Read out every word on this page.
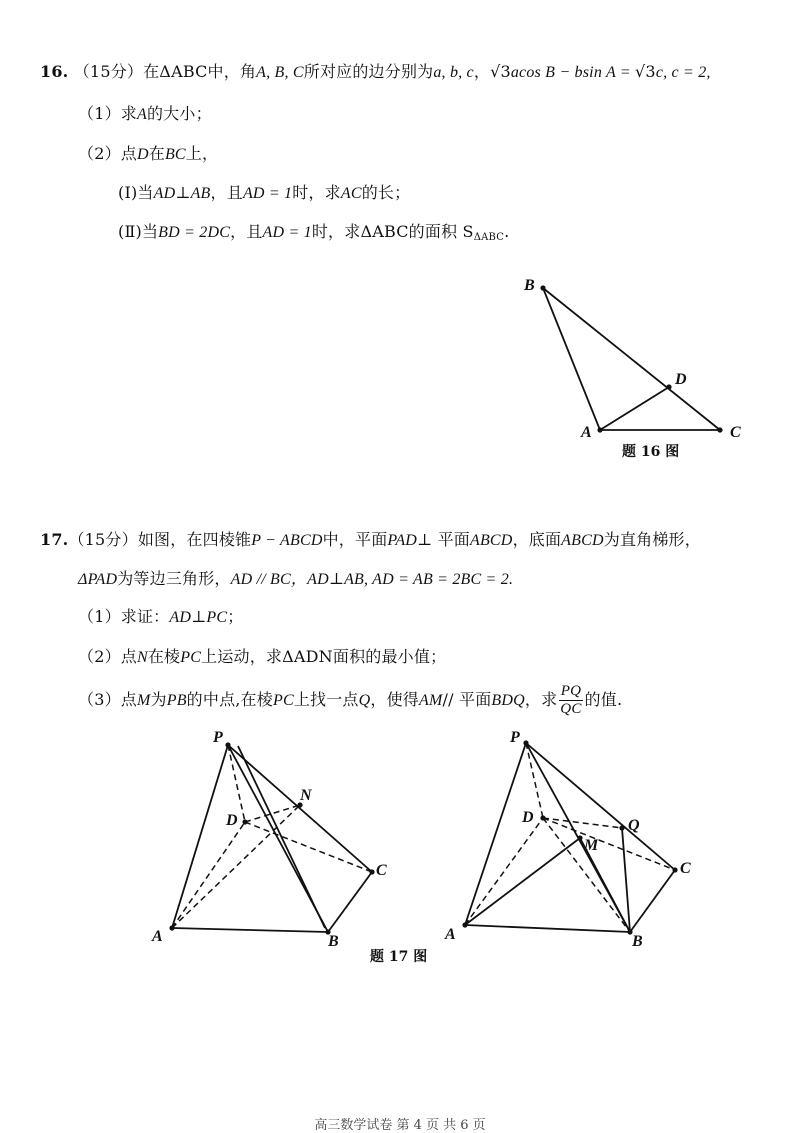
16. （15分）在ΔABC中，角A, B, C所对应的边分别为a, b, c，√3acos B − bsin A = √3c, c = 2,
（1）求A的大小；
（2）点D在BC上，
(Ⅰ)当AD⊥AB，且AD = 1时，求AC的长；
(Ⅱ)当BD = 2DC，且AD = 1时，求ΔABC的面积 $S_{\Delta ABC}$.
B
D
A	C
题 16 图
17.（15分）如图，在四棱锥P − ABCD中，平面PAD⊥ 平面ABCD，底面ABCD为直角梯形，
ΔPAD为等边三角形，AD // BC，AD⊥AB, AD = AB = 2BC = 2.
（1）求证：AD⊥PC；
（2）点N在棱PC上运动，求ΔADN面积的最小值；
（3）点M为PB的中点,在棱PC上找一点Q，使得AM// 平面BDQ，求 $\frac{PQ}{QC}$ 的值.
P
N
D
C
A	B
P
D	Q
M
C
A	B
题 17 图
高三数学试卷 第 4 页 共 6 页
